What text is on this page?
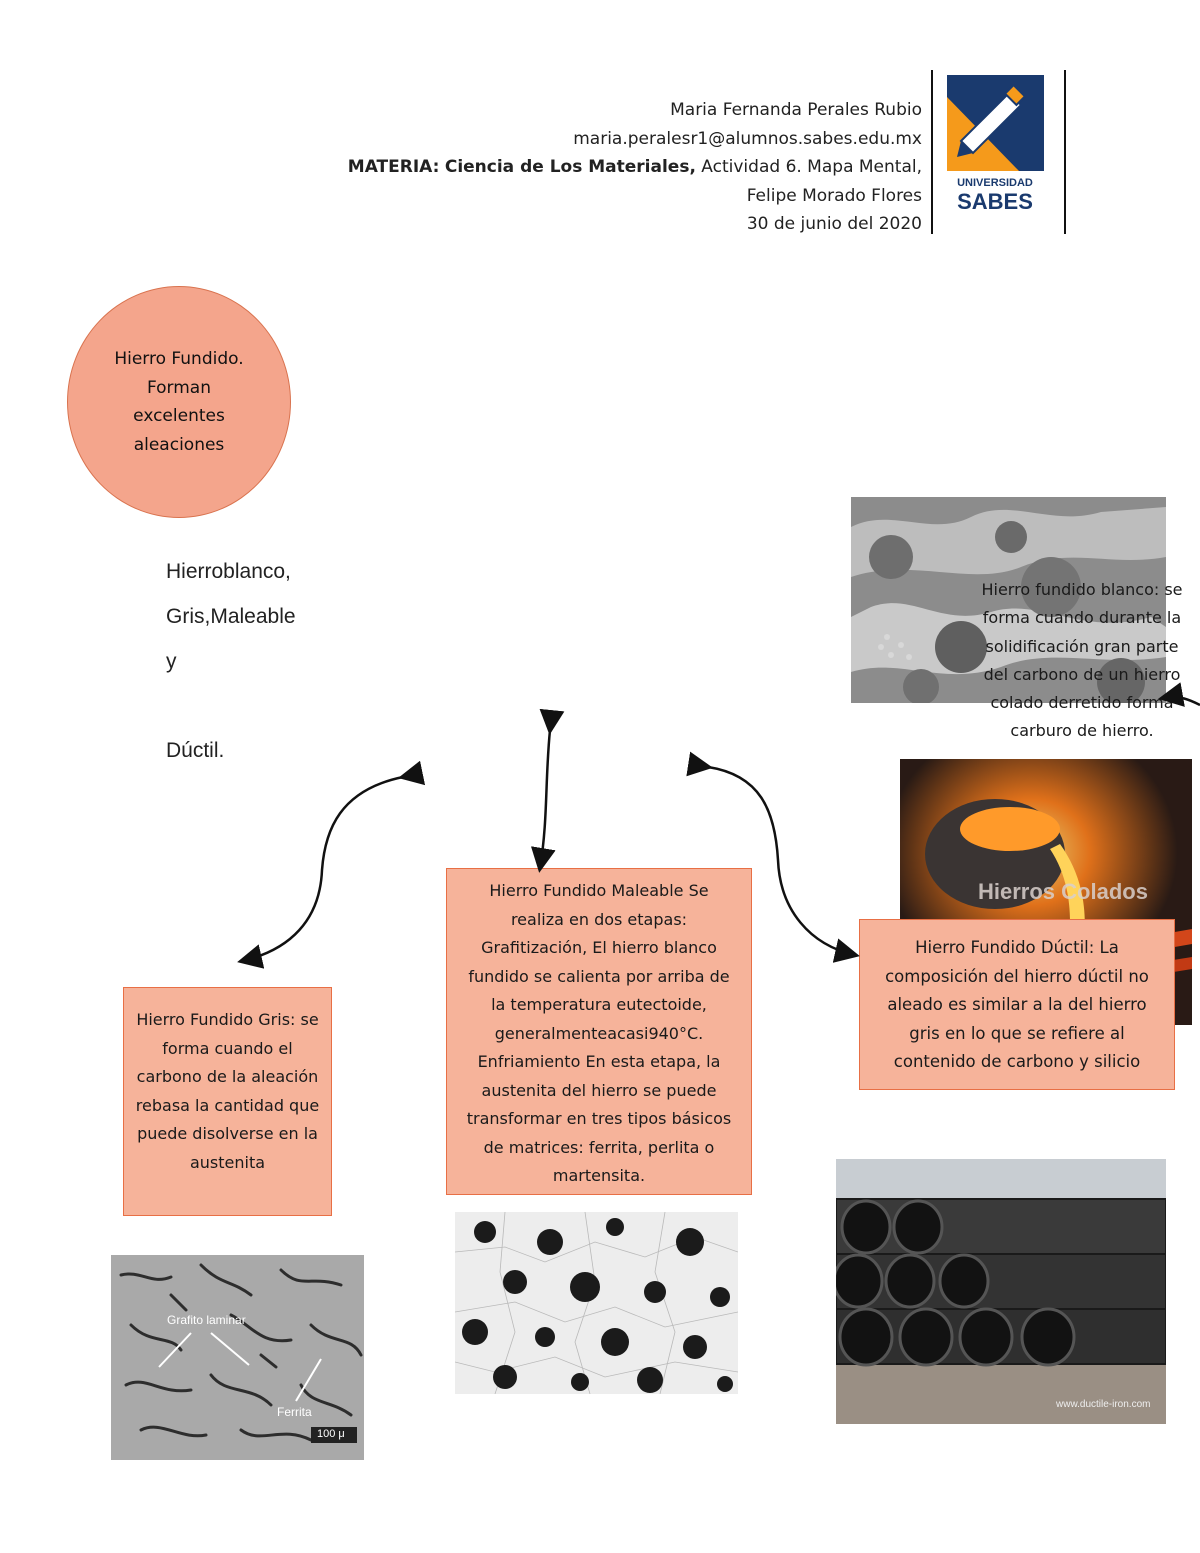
Maria Fernanda Perales Rubio
maria.peralesr1@alumnos.sabes.edu.mx
MATERIA: Ciencia de Los Materiales, Actividad 6. Mapa Mental,
Felipe Morado Flores
30 de junio del 2020
UNIVERSIDAD
SABES
Hierro Fundido. Forman excelentes aleaciones
Hierroblanco,
Gris,Maleable
y
Dúctil.
Hierro fundido blanco: se forma cuando durante la solidificación gran parte del carbono de un hierro colado derretido forma carburo de hierro.
Hierros Colados
Hierro Fundido Gris: se forma cuando el carbono de la aleación rebasa la cantidad que puede disolverse en la austenita
Hierro Fundido Maleable Se realiza en dos etapas: Grafitización, El hierro blanco fundido se calienta por arriba de la temperatura eutectoide, generalmenteacasi940°C. Enfriamiento En esta etapa, la austenita del hierro se puede transformar en tres tipos básicos de matrices: ferrita, perlita o martensita.
Hierro Fundido Dúctil: La composición del hierro dúctil no aleado es similar a la del hierro gris en lo que se refiere al contenido de carbono y silicio
Grafito laminar
Ferrita
100 μ
www.ductile-iron.com
